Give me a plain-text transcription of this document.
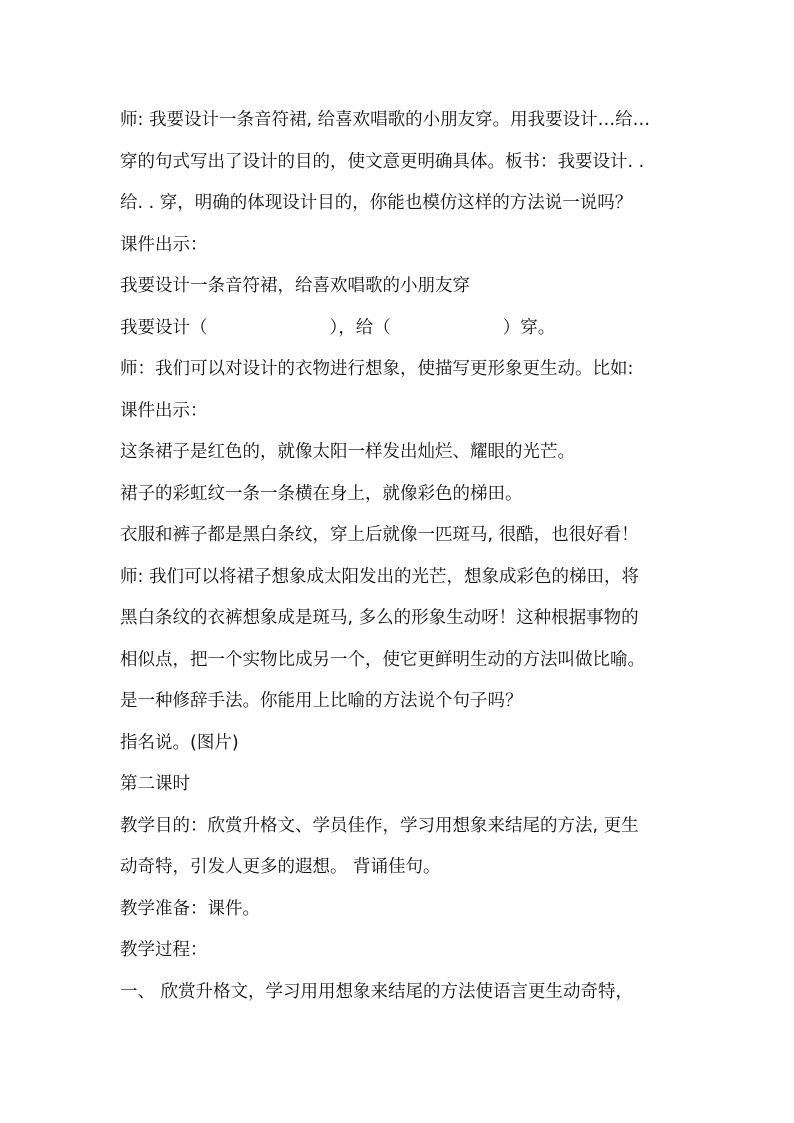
师: 我要设计一条音符裙, 给喜欢唱歌的小朋友穿。用我要设计…给…
穿的句式写出了设计的目的，使文意更明确具体。板书：我要设计. .
给. . 穿，明确的体现设计目的，你能也模仿这样的方法说一说吗？
课件出示：
我要设计一条音符裙，给喜欢唱歌的小朋友穿
我要设计（	），给（	）穿。
师：我们可以对设计的衣物进行想象，使描写更形象更生动。比如:
课件出示：
这条裙子是红色的，就像太阳一样发出灿烂、耀眼的光芒。
裙子的彩虹纹一条一条横在身上，就像彩色的梯田。
衣服和裤子都是黑白条纹，穿上后就像一匹斑马, 很酷，也很好看！
师: 我们可以将裙子想象成太阳发出的光芒，想象成彩色的梯田，将
黑白条纹的衣裤想象成是斑马, 多么的形象生动呀！这种根据事物的
相似点，把一个实物比成另一个，使它更鲜明生动的方法叫做比喻。
是一种修辞手法。你能用上比喻的方法说个句子吗？
指名说。(图片)
第二课时
教学目的：欣赏升格文、学员佳作，学习用想象来结尾的方法, 更生
动奇特，引发人更多的遐想。 背诵佳句。
教学准备：课件。
教学过程：
一、 欣赏升格文，学习用用想象来结尾的方法使语言更生动奇特，
